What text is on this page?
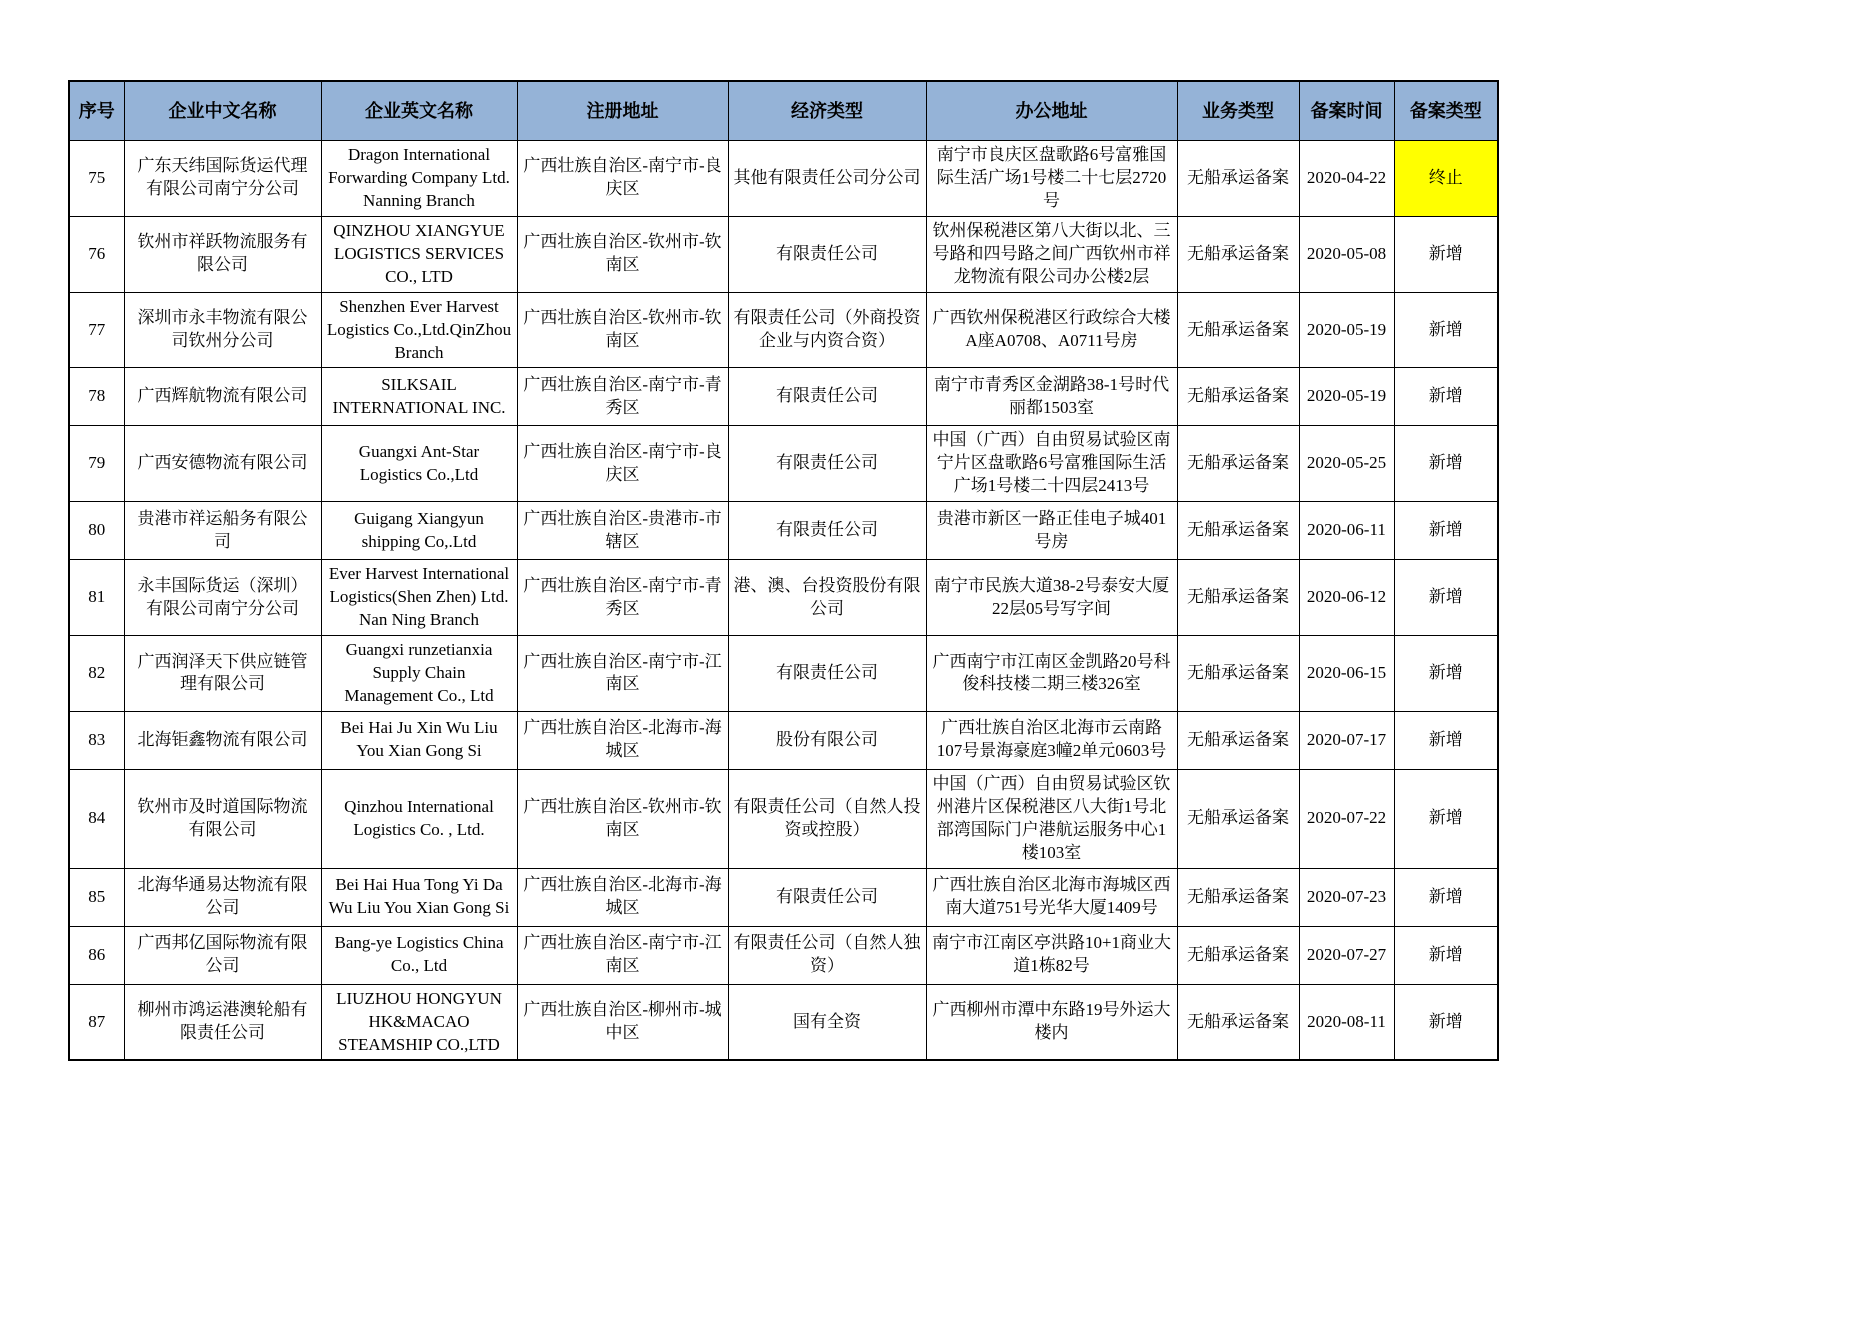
序号	企业中文名称	企业英文名称	注册地址	经济类型	办公地址	业务类型	备案时间	备案类型
75	广东天纬国际货运代理有限公司南宁分公司	Dragon International Forwarding Company Ltd. Nanning Branch	广西壮族自治区-南宁市-良庆区	其他有限责任公司分公司	南宁市良庆区盘歌路6号富雅国际生活广场1号楼二十七层2720号	无船承运备案	2020-04-22	终止
76	钦州市祥跃物流服务有限公司	QINZHOU XIANGYUE LOGISTICS SERVICES CO., LTD	广西壮族自治区-钦州市-钦南区	有限责任公司	钦州保税港区第八大街以北、三号路和四号路之间广西钦州市祥龙物流有限公司办公楼2层	无船承运备案	2020-05-08	新增
77	深圳市永丰物流有限公司钦州分公司	Shenzhen Ever Harvest Logistics Co.,Ltd.QinZhou Branch	广西壮族自治区-钦州市-钦南区	有限责任公司（外商投资企业与内资合资）	广西钦州保税港区行政综合大楼A座A0708、A0711号房	无船承运备案	2020-05-19	新增
78	广西辉航物流有限公司	SILKSAIL INTERNATIONAL INC.	广西壮族自治区-南宁市-青秀区	有限责任公司	南宁市青秀区金湖路38-1号时代丽都1503室	无船承运备案	2020-05-19	新增
79	广西安德物流有限公司	Guangxi Ant-Star Logistics Co.,Ltd	广西壮族自治区-南宁市-良庆区	有限责任公司	中国（广西）自由贸易试验区南宁片区盘歌路6号富雅国际生活广场1号楼二十四层2413号	无船承运备案	2020-05-25	新增
80	贵港市祥运船务有限公司	Guigang Xiangyun shipping Co,.Ltd	广西壮族自治区-贵港市-市辖区	有限责任公司	贵港市新区一路正佳电子城401号房	无船承运备案	2020-06-11	新增
81	永丰国际货运（深圳）有限公司南宁分公司	Ever Harvest International Logistics(Shen Zhen) Ltd. Nan Ning Branch	广西壮族自治区-南宁市-青秀区	港、澳、台投资股份有限公司	南宁市民族大道38-2号泰安大厦22层05号写字间	无船承运备案	2020-06-12	新增
82	广西润泽天下供应链管理有限公司	Guangxi runzetianxia Supply Chain Management Co., Ltd	广西壮族自治区-南宁市-江南区	有限责任公司	广西南宁市江南区金凯路20号科俊科技楼二期三楼326室	无船承运备案	2020-06-15	新增
83	北海钜鑫物流有限公司	Bei Hai Ju Xin Wu Liu You Xian Gong Si	广西壮族自治区-北海市-海城区	股份有限公司	广西壮族自治区北海市云南路107号景海豪庭3幢2单元0603号	无船承运备案	2020-07-17	新增
84	钦州市及时道国际物流有限公司	Qinzhou International Logistics Co. , Ltd.	广西壮族自治区-钦州市-钦南区	有限责任公司（自然人投资或控股）	中国（广西）自由贸易试验区钦州港片区保税港区八大街1号北部湾国际门户港航运服务中心1楼103室	无船承运备案	2020-07-22	新增
85	北海华通易达物流有限公司	Bei Hai Hua Tong Yi Da Wu Liu You Xian Gong Si	广西壮族自治区-北海市-海城区	有限责任公司	广西壮族自治区北海市海城区西南大道751号光华大厦1409号	无船承运备案	2020-07-23	新增
86	广西邦亿国际物流有限公司	Bang-ye Logistics China Co., Ltd	广西壮族自治区-南宁市-江南区	有限责任公司（自然人独资）	南宁市江南区亭洪路10+1商业大道1栋82号	无船承运备案	2020-07-27	新增
87	柳州市鸿运港澳轮船有限责任公司	LIUZHOU HONGYUN HK&MACAO STEAMSHIP CO.,LTD	广西壮族自治区-柳州市-城中区	国有全资	广西柳州市潭中东路19号外运大楼内	无船承运备案	2020-08-11	新增
